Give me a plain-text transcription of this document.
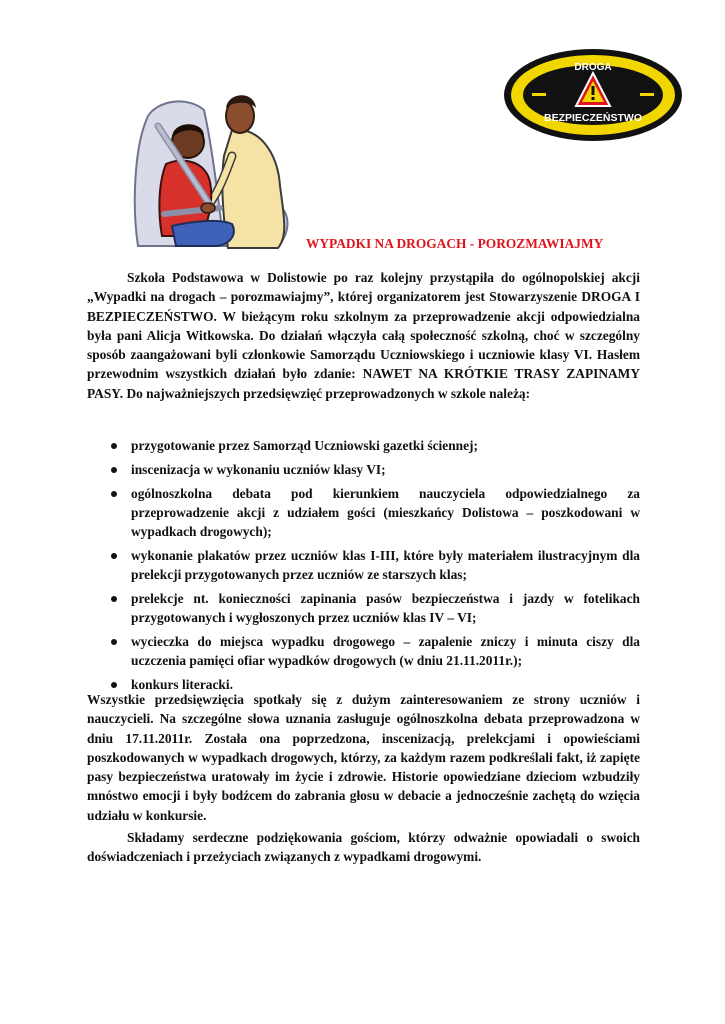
DROGA
BEZPIECZEŃSTWO
WYPADKI NA DROGACH - POROZMAWIAJMY

Szkoła Podstawowa w Dolistowie po raz kolejny przystąpiła do ogólnopolskiej akcji „Wypadki na drogach – porozmawiajmy”, której organizatorem jest Stowarzyszenie DROGA I BEZPIECZEŃSTWO. W bieżącym roku szkolnym za przeprowadzenie akcji odpowiedzialna była pani Alicja Witkowska. Do działań włączyła całą społeczność szkolną, choć w szczególny sposób zaangażowani byli członkowie Samorządu Uczniowskiego i uczniowie klasy VI. Hasłem przewodnim wszystkich działań było zdanie: NAWET NA KRÓTKIE TRASY ZAPINAMY PASY. Do najważniejszych przedsięwzięć przeprowadzonych w szkole należą:

przygotowanie przez Samorząd Uczniowski gazetki ściennej;
inscenizacja w wykonaniu uczniów klasy VI;
ogólnoszkolna debata pod kierunkiem nauczyciela odpowiedzialnego za przeprowadzenie akcji z udziałem gości (mieszkańcy Dolistowa – poszkodowani w wypadkach drogowych);
wykonanie plakatów przez uczniów klas I-III, które były materiałem ilustracyjnym dla prelekcji przygotowanych przez uczniów ze starszych klas;
prelekcje nt. konieczności zapinania pasów bezpieczeństwa i jazdy w fotelikach przygotowanych i wygłoszonych przez uczniów klas IV – VI;
wycieczka do miejsca wypadku drogowego – zapalenie zniczy i minuta ciszy dla uczczenia pamięci ofiar wypadków drogowych (w dniu 21.11.2011r.);
konkurs literacki.

Wszystkie przedsięwzięcia spotkały się z dużym zainteresowaniem ze strony uczniów i nauczycieli. Na szczególne słowa uznania zasługuje ogólnoszkolna debata przeprowadzona w dniu 17.11.2011r. Została ona poprzedzona, inscenizacją, prelekcjami i opowieściami poszkodowanych w wypadkach drogowych, którzy, za każdym razem podkreślali fakt, iż zapięte pasy bezpieczeństwa uratowały im życie i zdrowie. Historie opowiedziane dzieciom wzbudziły mnóstwo emocji i były bodźcem do zabrania głosu w debacie a jednocześnie zachętą do wzięcia udziału w konkursie.

Składamy serdeczne podziękowania gościom, którzy odważnie opowiadali o swoich doświadczeniach i przeżyciach związanych z wypadkami drogowymi.
